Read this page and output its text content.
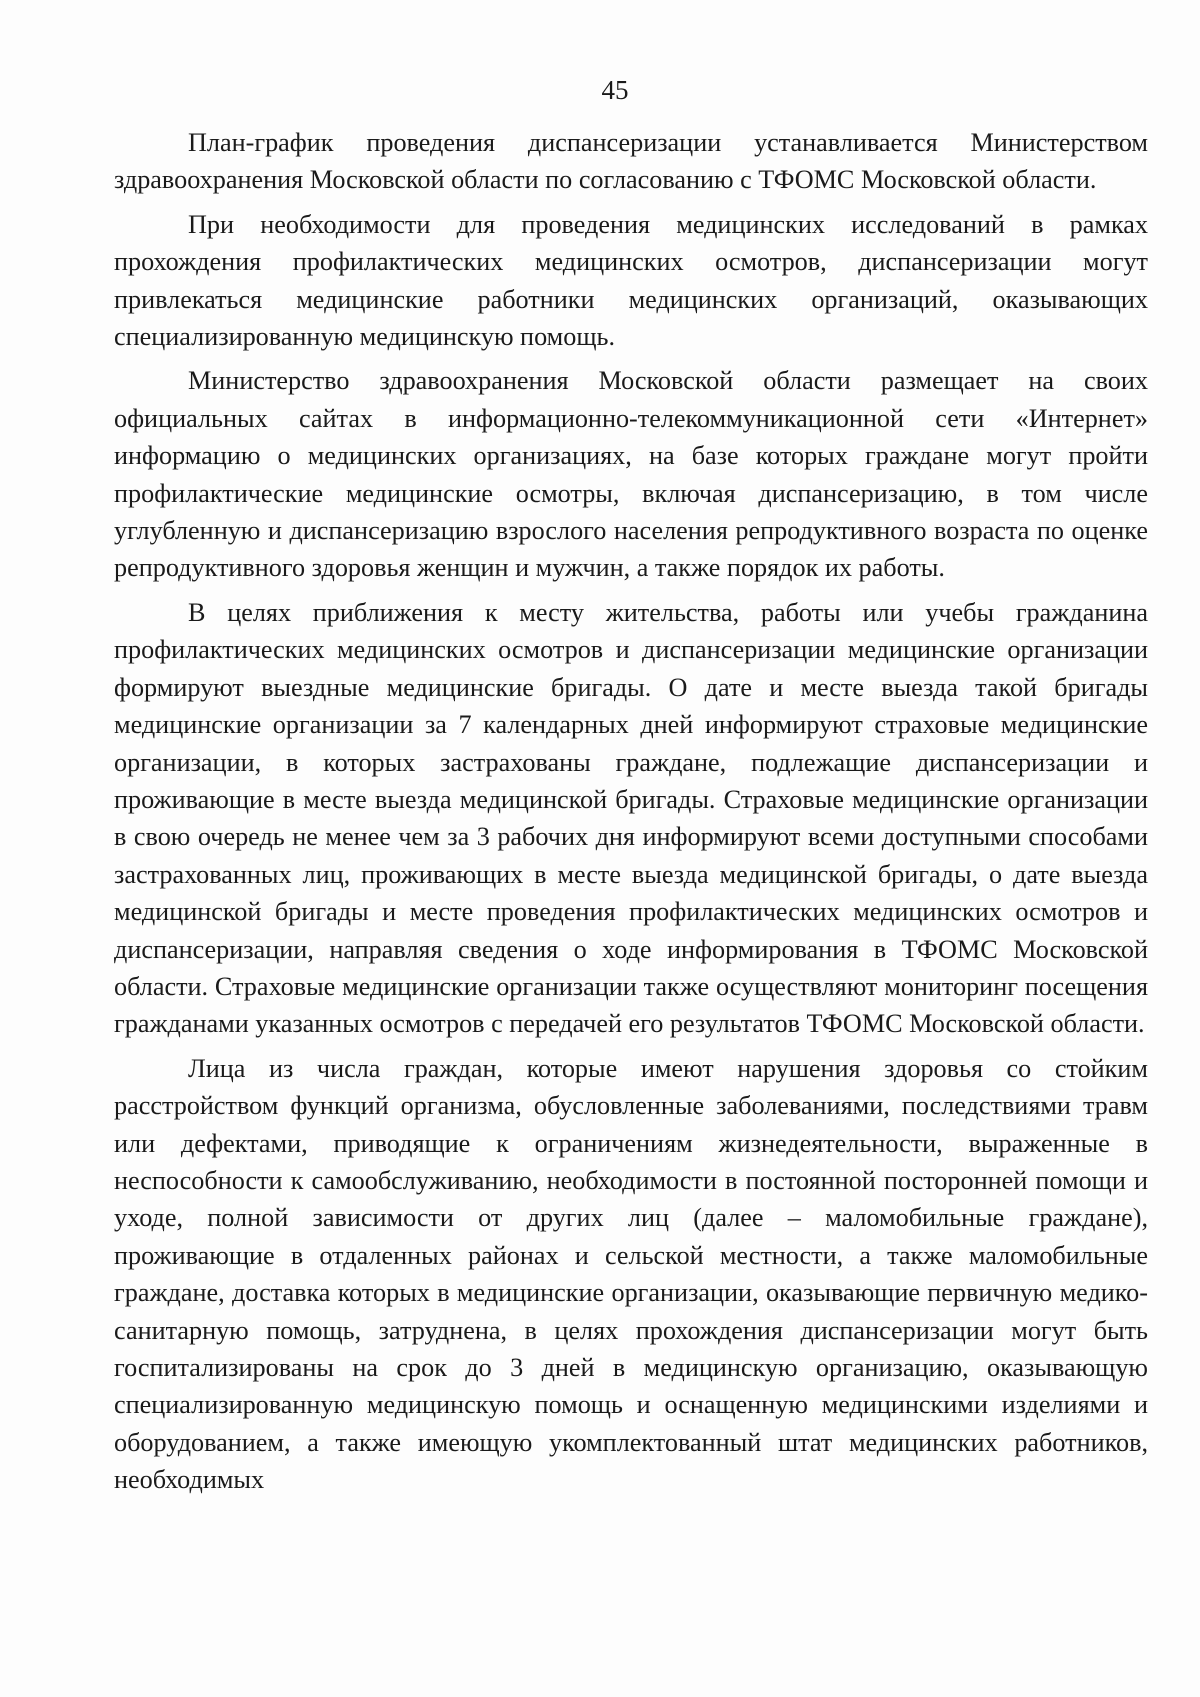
45

План-график проведения диспансеризации устанавливается Министерством здравоохранения Московской области по согласованию с ТФОМС Московской области.

При необходимости для проведения медицинских исследований в рамках прохождения профилактических медицинских осмотров, диспансеризации могут привлекаться медицинские работники медицинских организаций, оказывающих специализированную медицинскую помощь.

Министерство здравоохранения Московской области размещает на своих официальных сайтах в информационно-телекоммуникационной сети «Интернет» информацию о медицинских организациях, на базе которых граждане могут пройти профилактические медицинские осмотры, включая диспансеризацию, в том числе углубленную и диспансеризацию взрослого населения репродуктивного возраста по оценке репродуктивного здоровья женщин и мужчин, а также порядок их работы.

В целях приближения к месту жительства, работы или учебы гражданина профилактических медицинских осмотров и диспансеризации медицинские организации формируют выездные медицинские бригады. О дате и месте выезда такой бригады медицинские организации за 7 календарных дней информируют страховые медицинские организации, в которых застрахованы граждане, подлежащие диспансеризации и проживающие в месте выезда медицинской бригады. Страховые медицинские организации в свою очередь не менее чем за 3 рабочих дня информируют всеми доступными способами застрахованных лиц, проживающих в месте выезда медицинской бригады, о дате выезда медицинской бригады и месте проведения профилактических медицинских осмотров и диспансеризации, направляя сведения о ходе информирования в ТФОМС Московской области. Страховые медицинские организации также осуществляют мониторинг посещения гражданами указанных осмотров с передачей его результатов ТФОМС Московской области.

Лица из числа граждан, которые имеют нарушения здоровья со стойким расстройством функций организма, обусловленные заболеваниями, последствиями травм или дефектами, приводящие к ограничениям жизнедеятельности, выраженные в неспособности к самообслуживанию, необходимости в постоянной посторонней помощи и уходе, полной зависимости от других лиц (далее – маломобильные граждане), проживающие в отдаленных районах и сельской местности, а также маломобильные граждане, доставка которых в медицинские организации, оказывающие первичную медико-санитарную помощь, затруднена, в целях прохождения диспансеризации могут быть госпитализированы на срок до 3 дней в медицинскую организацию, оказывающую специализированную медицинскую помощь и оснащенную медицинскими изделиями и оборудованием, а также имеющую укомплектованный штат медицинских работников, необходимых
